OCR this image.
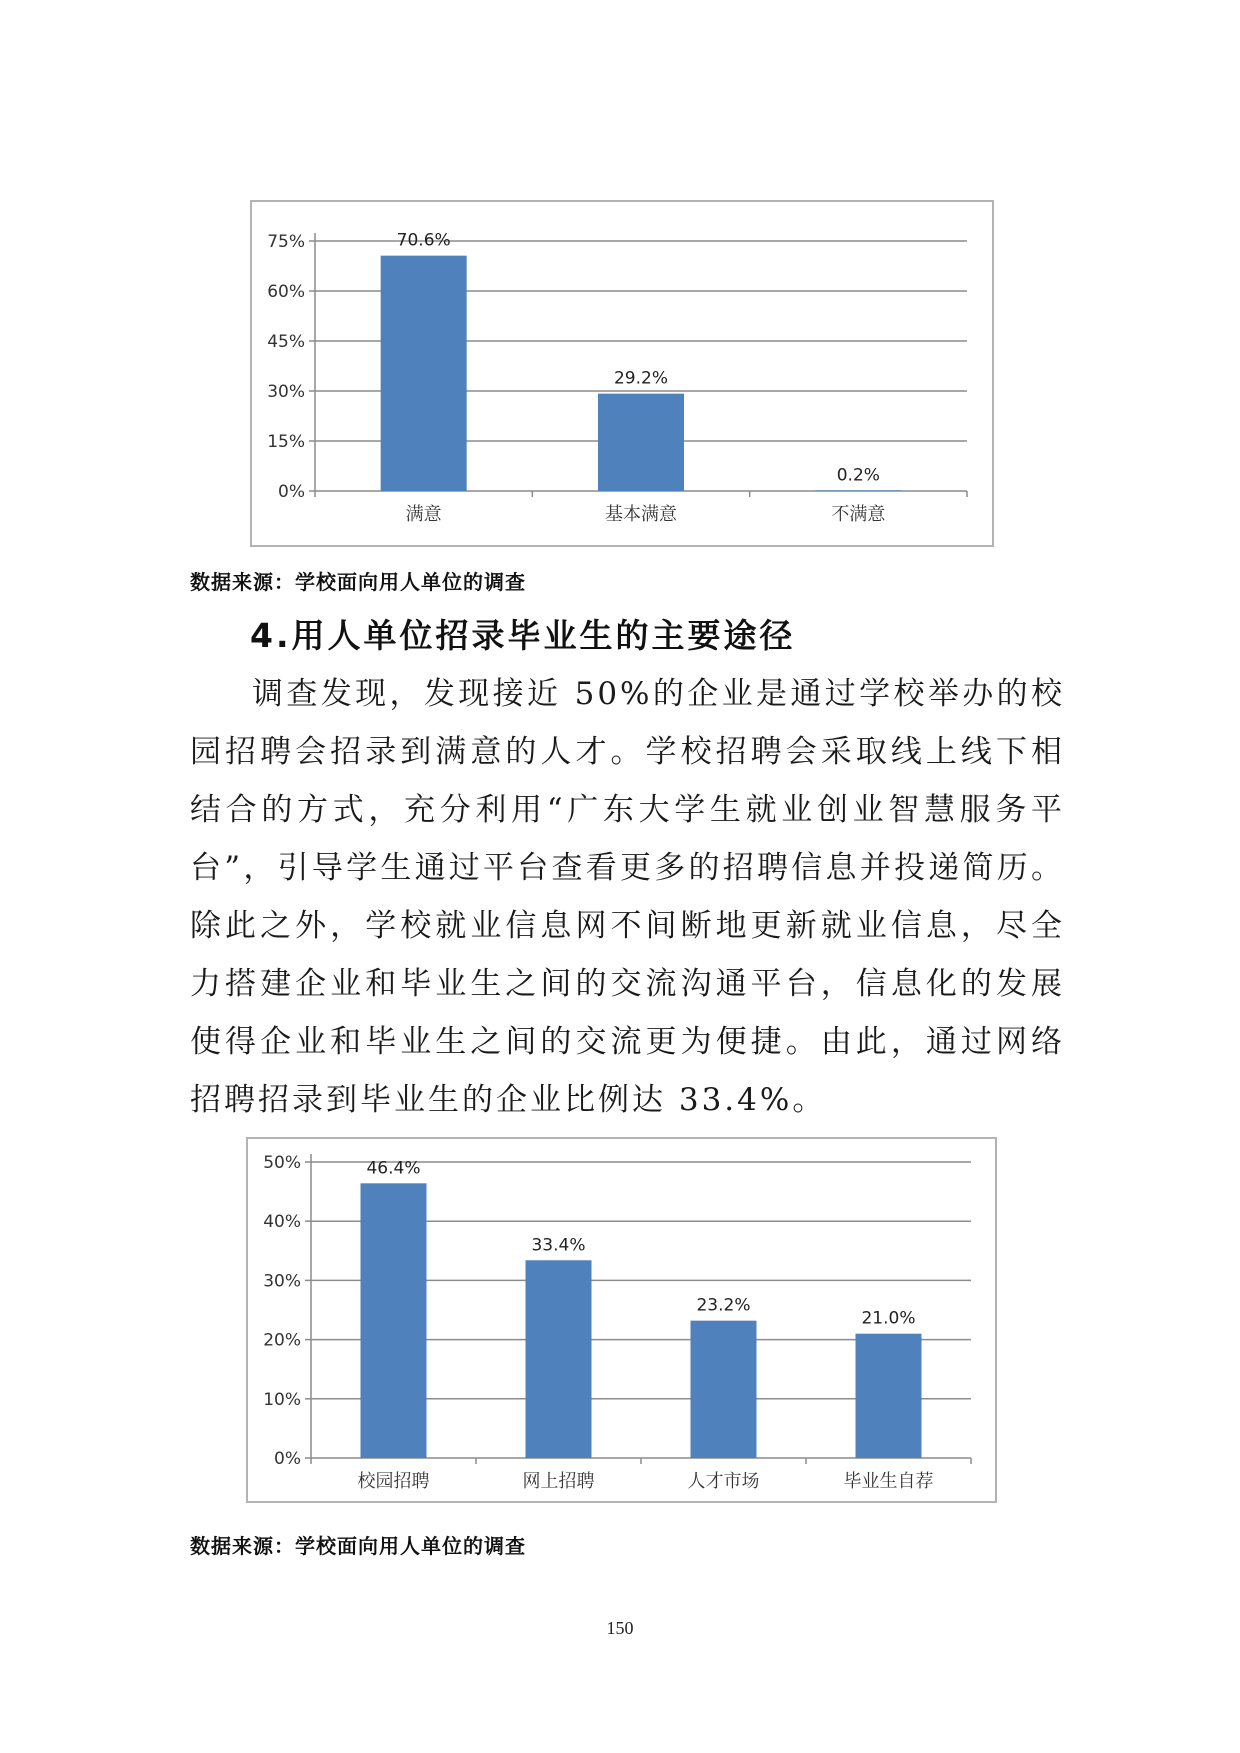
0%
15%
30%
45%
60%
75%	70.6%
满意
29.2%
基本满意
0.2%
不满意
数据来源：学校面向用人单位的调查
4.用人单位招录毕业生的主要途径

调查发现，发现接近 50%的企业是通过学校举办的校园招聘会招录到满意的人才。学校招聘会采取线上线下相结合的方式，充分利用“广东大学生就业创业智慧服务平台”，引导学生通过平台查看更多的招聘信息并投递简历。除此之外，学校就业信息网不间断地更新就业信息，尽全力搭建企业和毕业生之间的交流沟通平台，信息化的发展使得企业和毕业生之间的交流更为便捷。由此，通过网络招聘招录到毕业生的企业比例达 33.4%。

0%
10%
20%
30%
40%
50%	46.4%
校园招聘
33.4%
网上招聘
23.2%
人才市场
21.0%
毕业生自荐
数据来源：学校面向用人单位的调查
150
